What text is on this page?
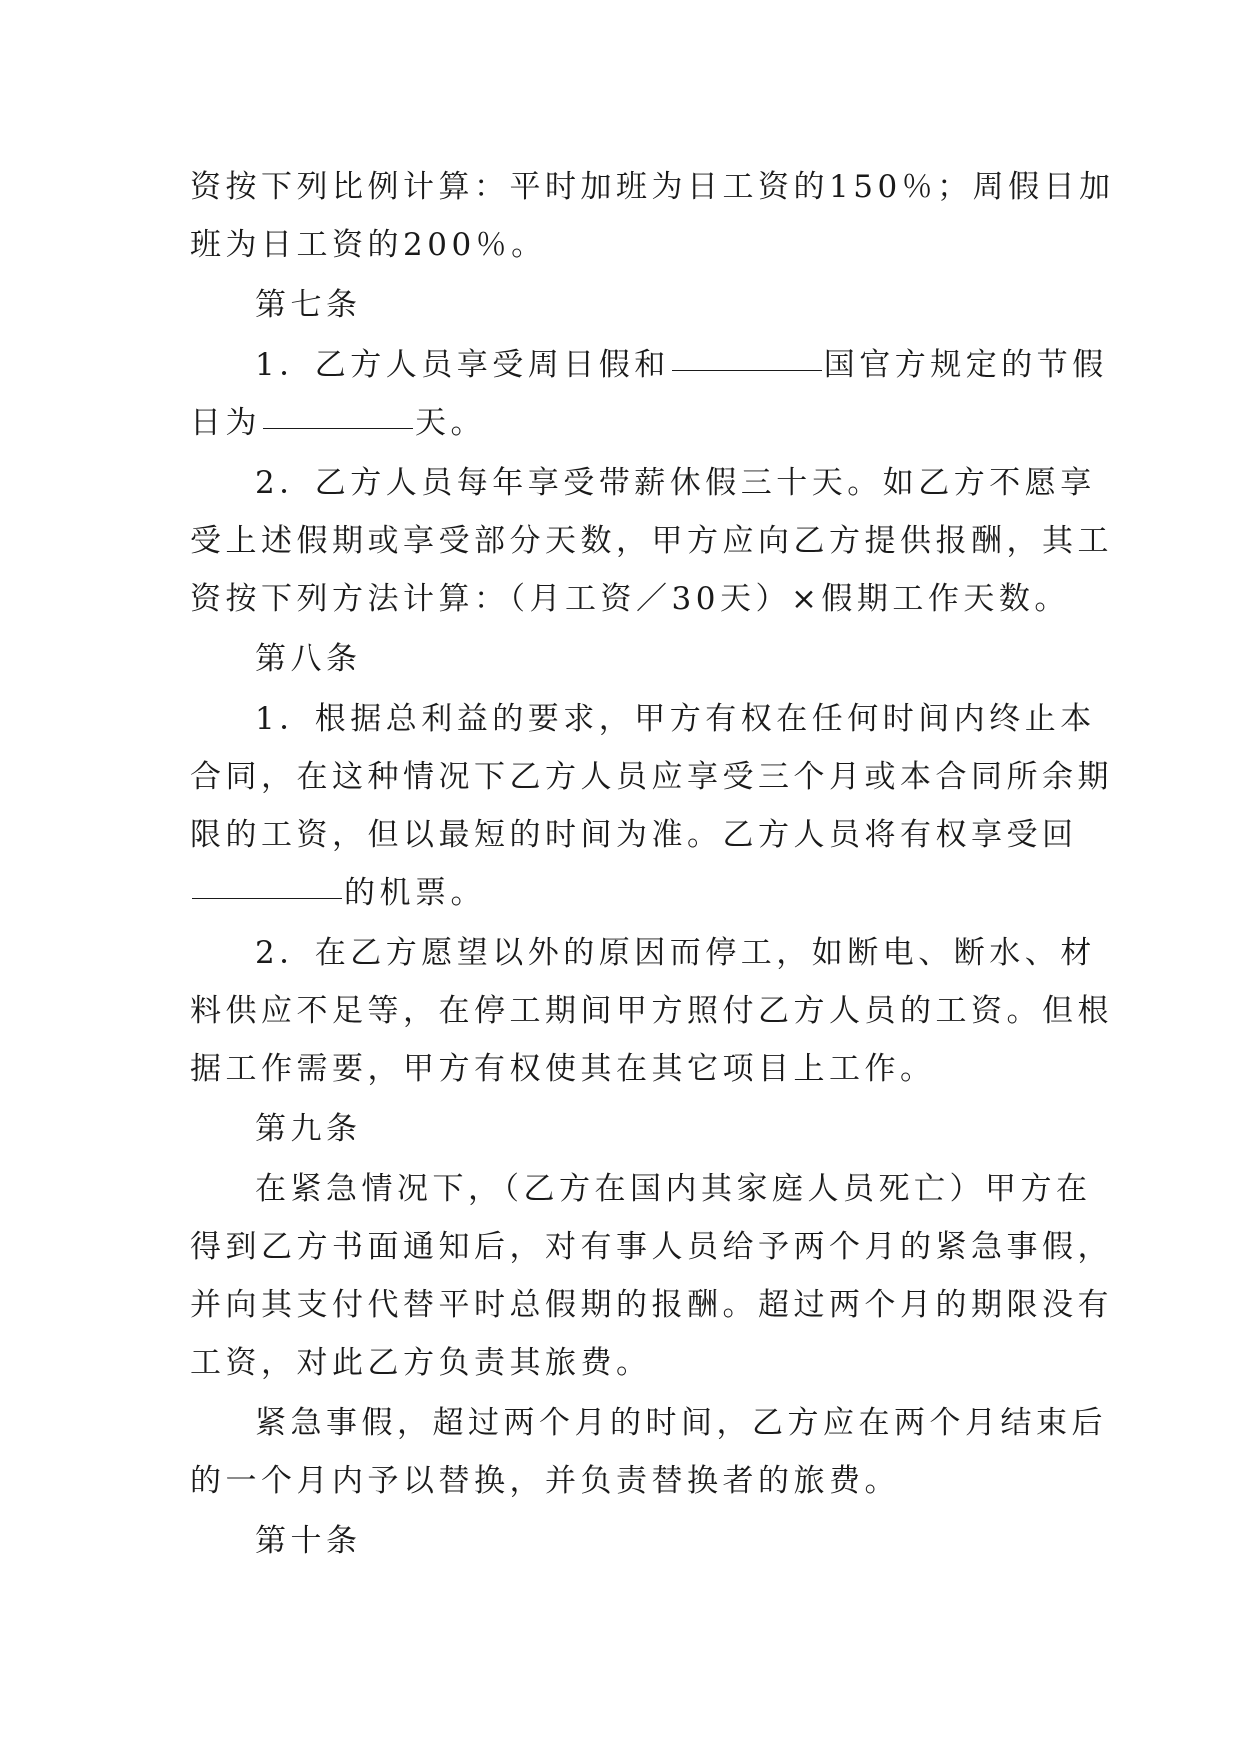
资按下列比例计算：平时加班为日工资的150％；周假日加
班为日工资的200％。
第七条
1．乙方人员享受周日假和	国官方规定的节假
日为	天。
2．乙方人员每年享受带薪休假三十天。如乙方不愿享
受上述假期或享受部分天数，甲方应向乙方提供报酬，其工
资按下列方法计算：（月工资／30天）×假期工作天数。
第八条
1．根据总利益的要求，甲方有权在任何时间内终止本
合同，在这种情况下乙方人员应享受三个月或本合同所余期
限的工资，但以最短的时间为准。乙方人员将有权享受回
的机票。
2．在乙方愿望以外的原因而停工，如断电、断水、材
料供应不足等，在停工期间甲方照付乙方人员的工资。但根
据工作需要，甲方有权使其在其它项目上工作。
第九条
在紧急情况下，（乙方在国内其家庭人员死亡）甲方在
得到乙方书面通知后，对有事人员给予两个月的紧急事假，
并向其支付代替平时总假期的报酬。超过两个月的期限没有
工资，对此乙方负责其旅费。
紧急事假，超过两个月的时间，乙方应在两个月结束后
的一个月内予以替换，并负责替换者的旅费。
第十条
